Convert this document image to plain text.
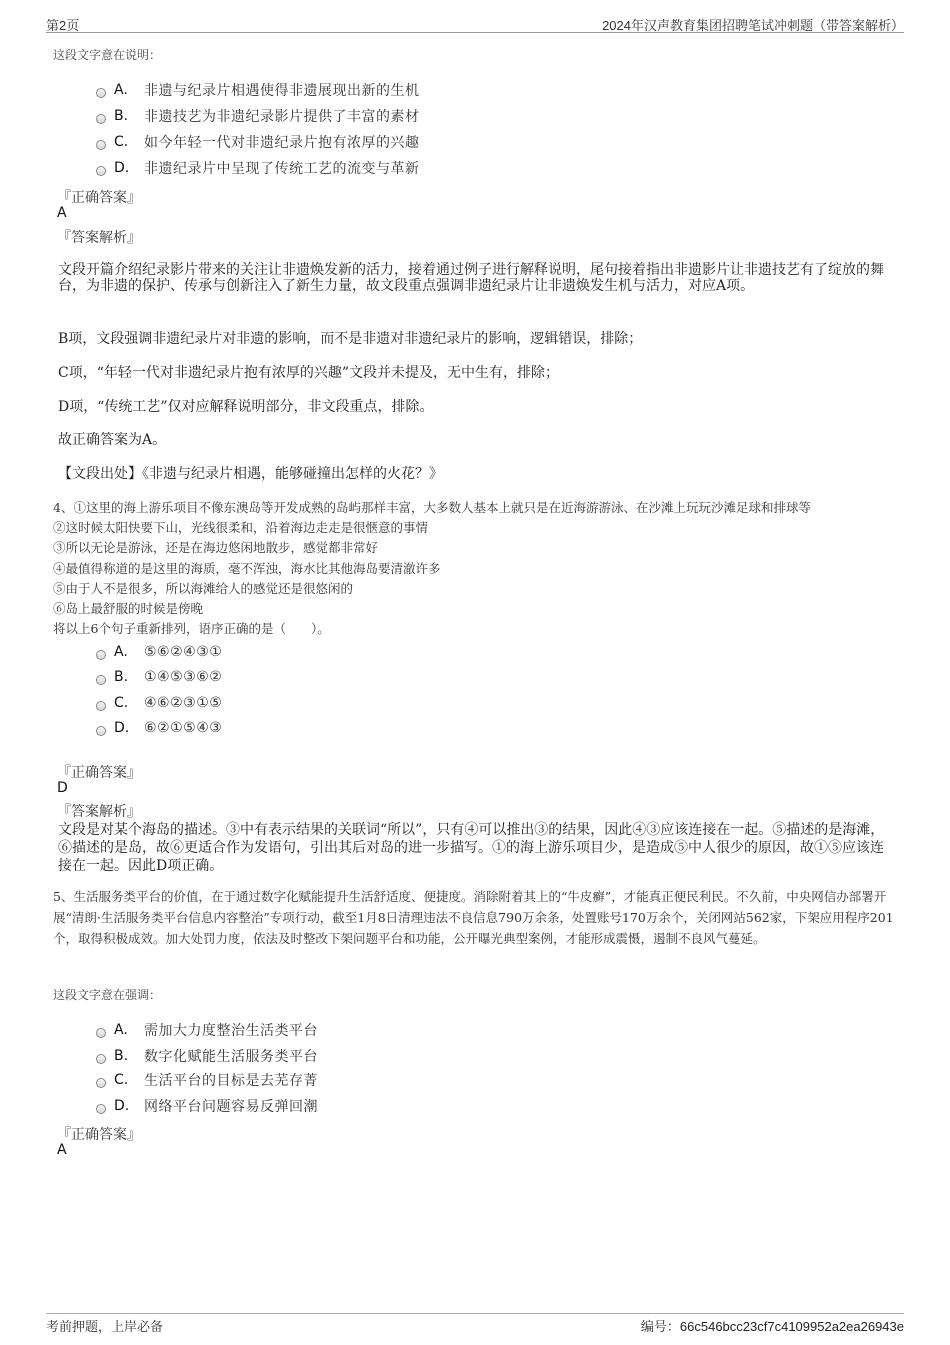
第2页	2024年汉声教育集团招聘笔试冲刺题（带答案解析）
这段文字意在说明：
A.	非遗与纪录片相遇使得非遗展现出新的生机
B.	非遗技艺为非遗纪录影片提供了丰富的素材
C.	如今年轻一代对非遗纪录片抱有浓厚的兴趣
D.	非遗纪录片中呈现了传统工艺的流变与革新
『正确答案』
A
『答案解析』
文段开篇介绍纪录影片带来的关注让非遗焕发新的活力，接着通过例子进行解释说明，尾句接着指出非遗影片让非遗技艺有了绽放的舞台，为非遗的保护、传承与创新注入了新生力量，故文段重点强调非遗纪录片让非遗焕发生机与活力，对应A项。
B项，文段强调非遗纪录片对非遗的影响，而不是非遗对非遗纪录片的影响，逻辑错误，排除；
C项，“年轻一代对非遗纪录片抱有浓厚的兴趣”文段并未提及，无中生有，排除；
D项，“传统工艺”仅对应解释说明部分，非文段重点，排除。
故正确答案为A。
【文段出处】《非遗与纪录片相遇，能够碰撞出怎样的火花？》
4、①这里的海上游乐项目不像东澳岛等开发成熟的岛屿那样丰富，大多数人基本上就只是在近海游游泳、在沙滩上玩玩沙滩足球和排球等
②这时候太阳快要下山，光线很柔和，沿着海边走走是很惬意的事情
③所以无论是游泳，还是在海边悠闲地散步，感觉都非常好
④最值得称道的是这里的海质，毫不浑浊，海水比其他海岛要清澈许多
⑤由于人不是很多，所以海滩给人的感觉还是很悠闲的
⑥岛上最舒服的时候是傍晚
将以上6个句子重新排列，语序正确的是（　　）。
A.	⑤⑥②④③①
B.	①④⑤③⑥②
C.	④⑥②③①⑤
D.	⑥②①⑤④③
『正确答案』
D
『答案解析』
文段是对某个海岛的描述。③中有表示结果的关联词“所以”，只有④可以推出③的结果，因此④③应该连接在一起。⑤描述的是海滩，⑥描述的是岛，故⑥更适合作为发语句，引出其后对岛的进一步描写。①的海上游乐项目少，是造成⑤中人很少的原因，故①⑤应该连接在一起。因此D项正确。
5、生活服务类平台的价值，在于通过数字化赋能提升生活舒适度、便捷度。消除附着其上的“牛皮癣”，才能真正便民利民。不久前，中央网信办部署开展“清朗·生活服务类平台信息内容整治”专项行动，截至1月8日清理违法不良信息790万余条，处置账号170万余个，关闭网站562家，下架应用程序201个，取得积极成效。加大处罚力度，依法及时整改下架问题平台和功能，公开曝光典型案例，才能形成震慑，遏制不良风气蔓延。
这段文字意在强调：
A.	需加大力度整治生活类平台
B.	数字化赋能生活服务类平台
C.	生活平台的目标是去芜存菁
D.	网络平台问题容易反弹回潮
『正确答案』
A
考前押题，上岸必备	编号：66c546bcc23cf7c4109952a2ea26943e
